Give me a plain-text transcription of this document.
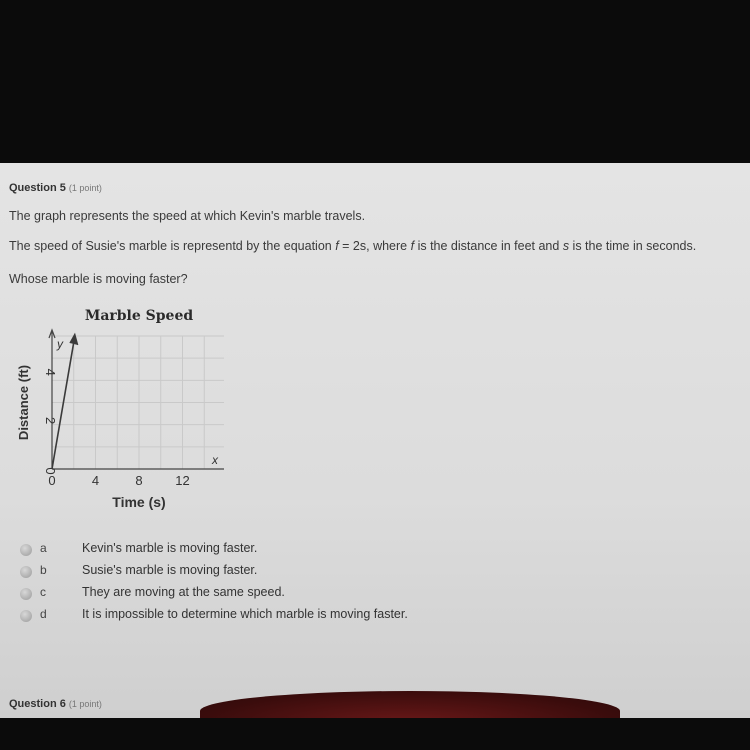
Question 5 (1 point)
The graph represents the speed at which Kevin's marble travels.
The speed of Susie's marble is representd by the equation f = 2s, where f is the distance in feet and s is the time in seconds.
Whose marble is moving faster?
Marble Speed
y
x
0	4	8	12
0
2
4
Time (s)
Distance (ft)
a	Kevin's marble is moving faster.
b	Susie's marble is moving faster.
c	They are moving at the same speed.
d	It is impossible to determine which marble is moving faster.
Question 6 (1 point)
